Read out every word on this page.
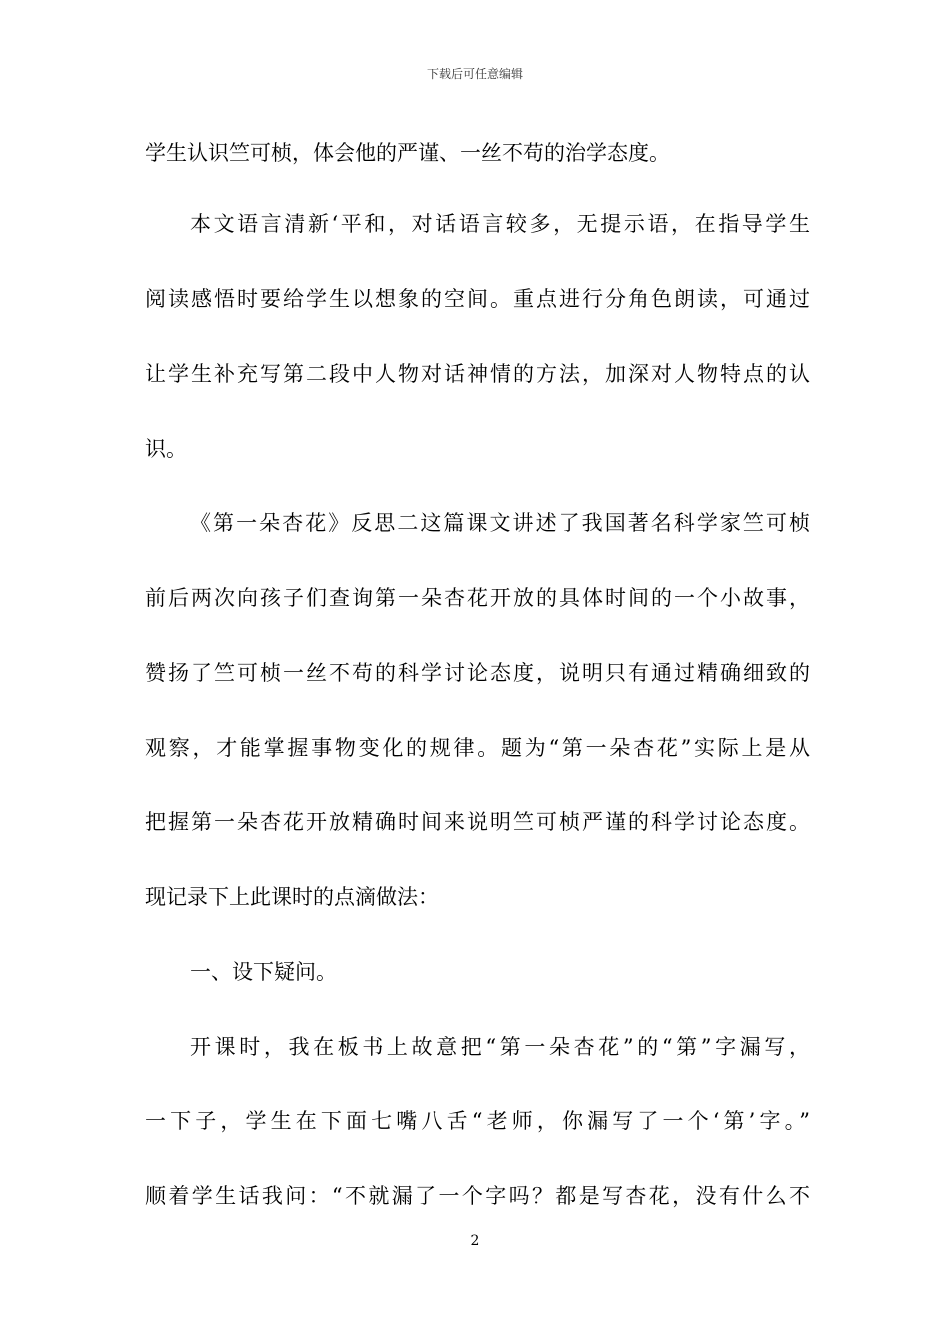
下载后可任意编辑
学生认识竺可桢，体会他的严谨、一丝不苟的治学态度。
本文语言清新‘平和，对话语言较多，无提示语，在指导学生
阅读感悟时要给学生以想象的空间。重点进行分角色朗读，可通过
让学生补充写第二段中人物对话神情的方法，加深对人物特点的认
识。
《第一朵杏花》反思二这篇课文讲述了我国著名科学家竺可桢
前后两次向孩子们查询第一朵杏花开放的具体时间的一个小故事，
赞扬了竺可桢一丝不苟的科学讨论态度，说明只有通过精确细致的
观察，才能掌握事物变化的规律。题为“第一朵杏花”实际上是从
把握第一朵杏花开放精确时间来说明竺可桢严谨的科学讨论态度。
现记录下上此课时的点滴做法：
一、设下疑问。
开课时，我在板书上故意把“第一朵杏花”的“第”字漏写，
一下子，学生在下面七嘴八舌“老师，你漏写了一个‘第’字。”
顺着学生话我问：“不就漏了一个字吗？都是写杏花，没有什么不
2
